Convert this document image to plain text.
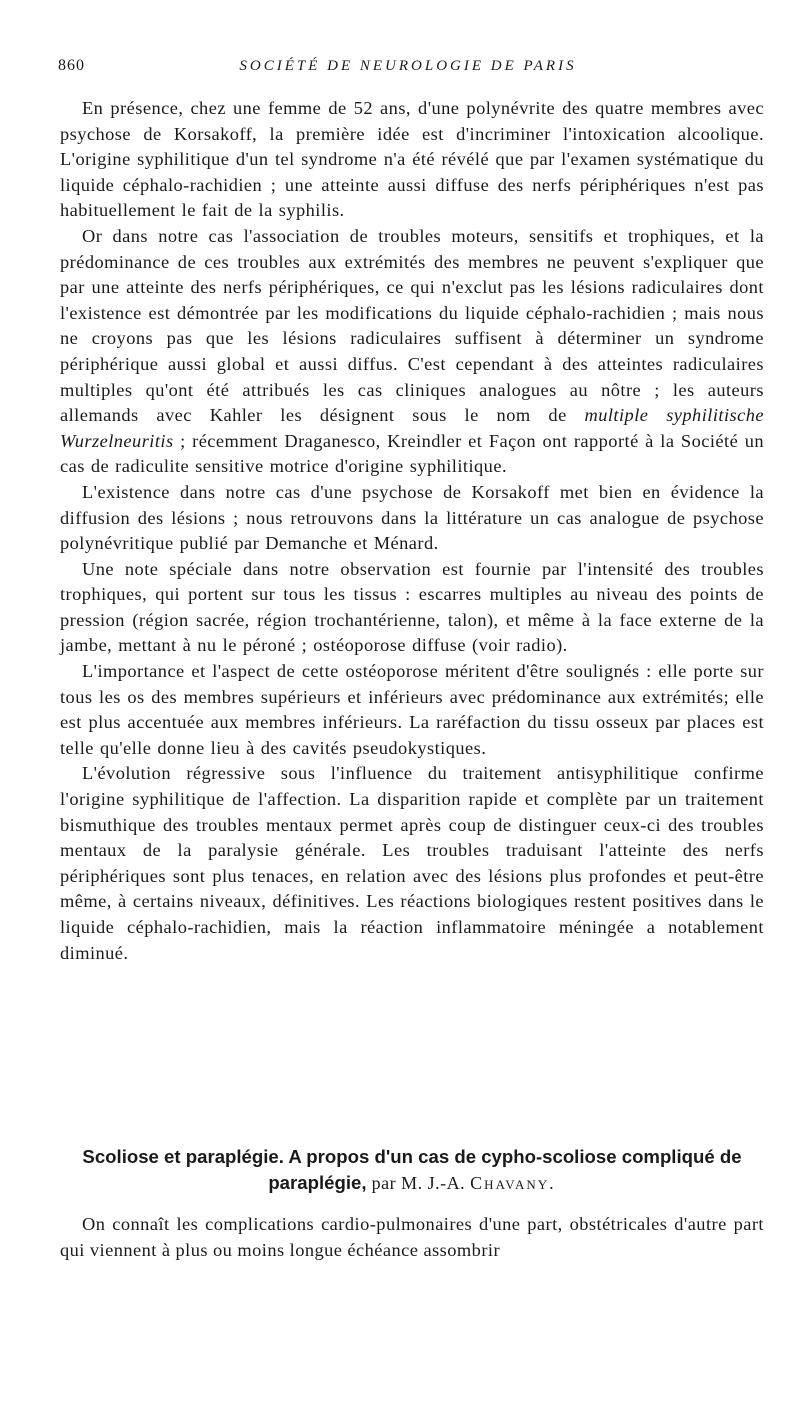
860	SOCIÉTÉ DE NEUROLOGIE DE PARIS

En présence, chez une femme de 52 ans, d'une polynévrite des quatre membres avec psychose de Korsakoff, la première idée est d'incriminer l'intoxication alcoolique. L'origine syphilitique d'un tel syndrome n'a été révélé que par l'examen systématique du liquide céphalo-rachidien ; une atteinte aussi diffuse des nerfs périphériques n'est pas habituellement le fait de la syphilis.

Or dans notre cas l'association de troubles moteurs, sensitifs et trophiques, et la prédominance de ces troubles aux extrémités des membres ne peuvent s'expliquer que par une atteinte des nerfs périphériques, ce qui n'exclut pas les lésions radiculaires dont l'existence est démontrée par les modifications du liquide céphalo-rachidien ; mais nous ne croyons pas que les lésions radiculaires suffisent à déterminer un syndrome périphérique aussi global et aussi diffus. C'est cependant à des atteintes radiculaires multiples qu'ont été attribués les cas cliniques analogues au nôtre ; les auteurs allemands avec Kahler les désignent sous le nom de multiple syphilitische Wurzelneuritis ; récemment Draganesco, Kreindler et Façon ont rapporté à la Société un cas de radiculite sensitive motrice d'origine syphilitique.

L'existence dans notre cas d'une psychose de Korsakoff met bien en évidence la diffusion des lésions ; nous retrouvons dans la littérature un cas analogue de psychose polynévritique publié par Demanche et Ménard.

Une note spéciale dans notre observation est fournie par l'intensité des troubles trophiques, qui portent sur tous les tissus : escarres multiples au niveau des points de pression (région sacrée, région trochantérienne, talon), et même à la face externe de la jambe, mettant à nu le péroné ; ostéoporose diffuse (voir radio).

L'importance et l'aspect de cette ostéoporose méritent d'être soulignés : elle porte sur tous les os des membres supérieurs et inférieurs avec prédominance aux extrémités; elle est plus accentuée aux membres inférieurs. La raréfaction du tissu osseux par places est telle qu'elle donne lieu à des cavités pseudokystiques.

L'évolution régressive sous l'influence du traitement antisyphilitique confirme l'origine syphilitique de l'affection. La disparition rapide et complète par un traitement bismuthique des troubles mentaux permet après coup de distinguer ceux-ci des troubles mentaux de la paralysie générale. Les troubles traduisant l'atteinte des nerfs périphériques sont plus tenaces, en relation avec des lésions plus profondes et peut-être même, à certains niveaux, définitives. Les réactions biologiques restent positives dans le liquide céphalo-rachidien, mais la réaction inflammatoire méningée a notablement diminué.

Scoliose et paraplégie. A propos d'un cas de cypho-scoliose compliqué de paraplégie, par M. J.-A. Chavany.

On connaît les complications cardio-pulmonaires d'une part, obstétricales d'autre part qui viennent à plus ou moins longue échéance assombrir
